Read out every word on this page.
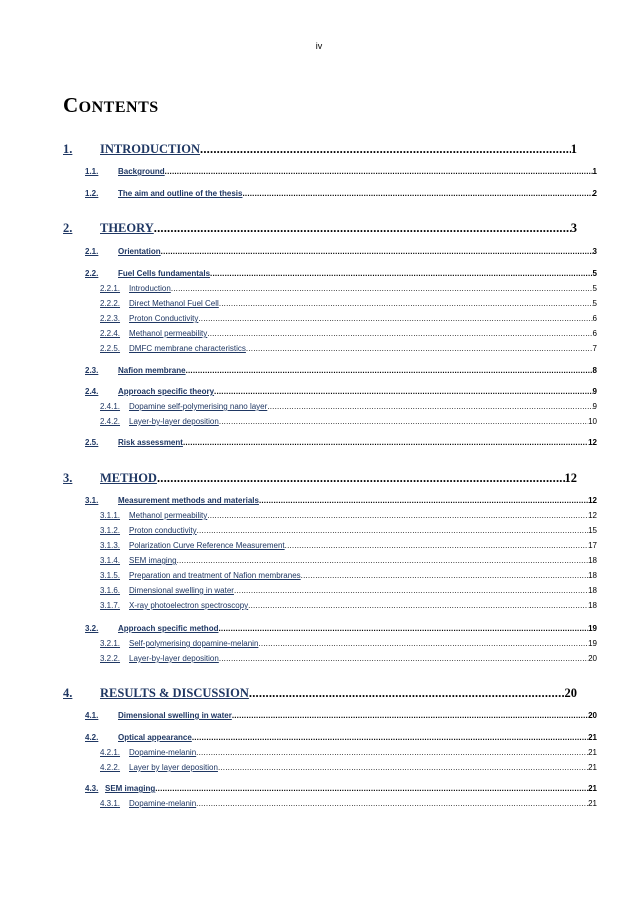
iv
CONTENTS
1.	INTRODUCTION .....	1
1.1.	Background .....	1
1.2.	The aim and outline of the thesis .....	2
2.	THEORY .....	3
2.1.	Orientation .....	3
2.2.	Fuel Cells fundamentals .....	5
2.2.1.	Introduction .....	5
2.2.2.	Direct Methanol Fuel Cell .....	5
2.2.3.	Proton Conductivity .....	6
2.2.4.	Methanol permeability .....	6
2.2.5.	DMFC membrane characteristics .....	7
2.3.	Nafion membrane .....	8
2.4.	Approach specific theory .....	9
2.4.1.	Dopamine self-polymerising nano layer .....	9
2.4.2.	Layer-by-layer deposition .....	10
2.5.	Risk assessment .....	12
3.	METHOD .....	12
3.1.	Measurement methods and materials .....	12
3.1.1.	Methanol permeability .....	12
3.1.2.	Proton conductivity .....	15
3.1.3.	Polarization Curve Reference Measurement .....	17
3.1.4.	SEM imaging .....	18
3.1.5.	Preparation and treatment of Nafion membranes .....	18
3.1.6.	Dimensional swelling in water .....	18
3.1.7.	X-ray photoelectron spectroscopy .....	18
3.2.	Approach specific method .....	19
3.2.1.	Self-polymerising dopamine-melanin .....	19
3.2.2.	Layer-by-layer deposition .....	20
4.	RESULTS & DISCUSSION .....	20
4.1.	Dimensional swelling in water .....	20
4.2.	Optical appearance .....	21
4.2.1.	Dopamine-melanin .....	21
4.2.2.	Layer by layer deposition .....	21
4.3. SEM imaging .....	21
4.3.1.	Dopamine-melanin .....	21
